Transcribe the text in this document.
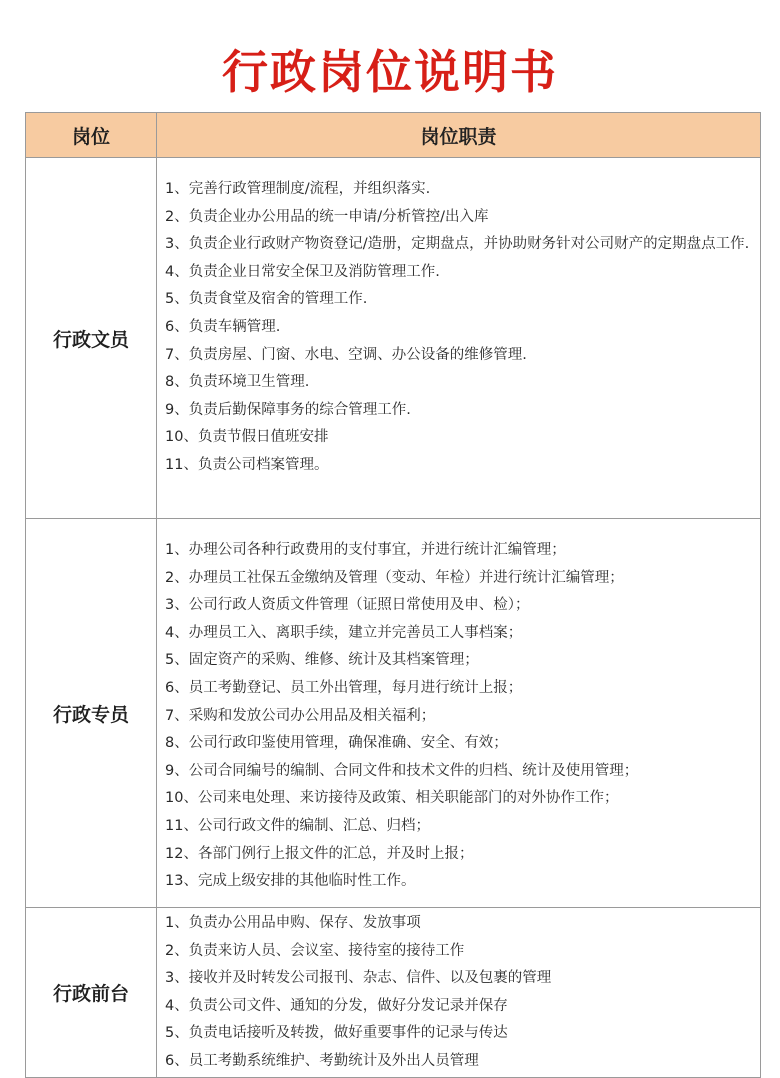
行政岗位说明书
岗位	岗位职责
行政文员

1、完善行政管理制度/流程，并组织落实.

2、负责企业办公用品的统一申请/分析管控/出入库

3、负责企业行政财产物资登记/造册，定期盘点，并协助财务针对公司财产的定期盘点工作.

4、负责企业日常安全保卫及消防管理工作.

5、负责食堂及宿舍的管理工作.

6、负责车辆管理.

7、负责房屋、门窗、水电、空调、办公设备的维修管理.

8、负责环境卫生管理.

9、负责后勤保障事务的综合管理工作.

10、负责节假日值班安排

11、负责公司档案管理。

行政专员

1、办理公司各种行政费用的支付事宜，并进行统计汇编管理；

2、办理员工社保五金缴纳及管理（变动、年检）并进行统计汇编管理；

3、公司行政人资质文件管理（证照日常使用及申、检）；

4、办理员工入、离职手续，建立并完善员工人事档案；

5、固定资产的采购、维修、统计及其档案管理；

6、员工考勤登记、员工外出管理，每月进行统计上报；

7、采购和发放公司办公用品及相关福利；

8、公司行政印鉴使用管理，确保准确、安全、有效；

9、公司合同编号的编制、合同文件和技术文件的归档、统计及使用管理；

10、公司来电处理、来访接待及政策、相关职能部门的对外协作工作；

11、公司行政文件的编制、汇总、归档；

12、各部门例行上报文件的汇总，并及时上报；

13、完成上级安排的其他临时性工作。

行政前台

1、负责办公用品申购、保存、发放事项

2、负责来访人员、会议室、接待室的接待工作

3、接收并及时转发公司报刊、杂志、信件、以及包裹的管理

4、负责公司文件、通知的分发，做好分发记录并保存

5、负责电话接听及转拨，做好重要事件的记录与传达

6、员工考勤系统维护、考勤统计及外出人员管理
